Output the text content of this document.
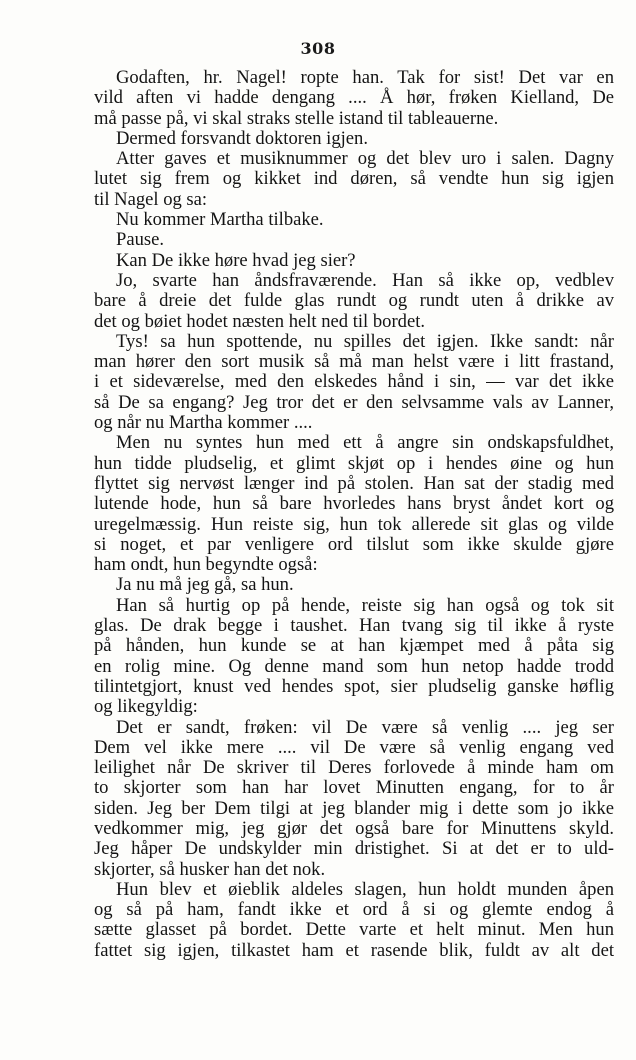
308
Godaften, hr. Nagel! ropte han. Tak for sist! Det var en
vild aften vi hadde dengang .... Å hør, frøken Kielland, De
må passe på, vi skal straks stelle istand til tableauerne.
Dermed forsvandt doktoren igjen.
Atter gaves et musiknummer og det blev uro i salen. Dagny
lutet sig frem og kikket ind døren, så vendte hun sig igjen
til Nagel og sa:
Nu kommer Martha tilbake.
Pause.
Kan De ikke høre hvad jeg sier?
Jo, svarte han åndsfraværende. Han så ikke op, vedblev
bare å dreie det fulde glas rundt og rundt uten å drikke av
det og bøiet hodet næsten helt ned til bordet.
Tys! sa hun spottende, nu spilles det igjen. Ikke sandt: når
man hører den sort musik så må man helst være i litt frastand,
i et sideværelse, med den elskedes hånd i sin, — var det ikke
så De sa engang? Jeg tror det er den selvsamme vals av Lanner,
og når nu Martha kommer ....
Men nu syntes hun med ett å angre sin ondskapsfuldhet,
hun tidde pludselig, et glimt skjøt op i hendes øine og hun
flyttet sig nervøst længer ind på stolen. Han sat der stadig med
lutende hode, hun så bare hvorledes hans bryst åndet kort og
uregelmæssig. Hun reiste sig, hun tok allerede sit glas og vilde
si noget, et par venligere ord tilslut som ikke skulde gjøre
ham ondt, hun begyndte også:
Ja nu må jeg gå, sa hun.
Han så hurtig op på hende, reiste sig han også og tok sit
glas. De drak begge i taushet. Han tvang sig til ikke å ryste
på hånden, hun kunde se at han kjæmpet med å påta sig
en rolig mine. Og denne mand som hun netop hadde trodd
tilintetgjort, knust ved hendes spot, sier pludselig ganske høflig
og likegyldig:
Det er sandt, frøken: vil De være så venlig .... jeg ser
Dem vel ikke mere .... vil De være så venlig engang ved
leilighet når De skriver til Deres forlovede å minde ham om
to skjorter som han har lovet Minutten engang, for to år
siden. Jeg ber Dem tilgi at jeg blander mig i dette som jo ikke
vedkommer mig, jeg gjør det også bare for Minuttens skyld.
Jeg håper De undskylder min dristighet. Si at det er to uld-
skjorter, så husker han det nok.
Hun blev et øieblik aldeles slagen, hun holdt munden åpen
og så på ham, fandt ikke et ord å si og glemte endog å
sætte glasset på bordet. Dette varte et helt minut. Men hun
fattet sig igjen, tilkastet ham et rasende blik, fuldt av alt det
